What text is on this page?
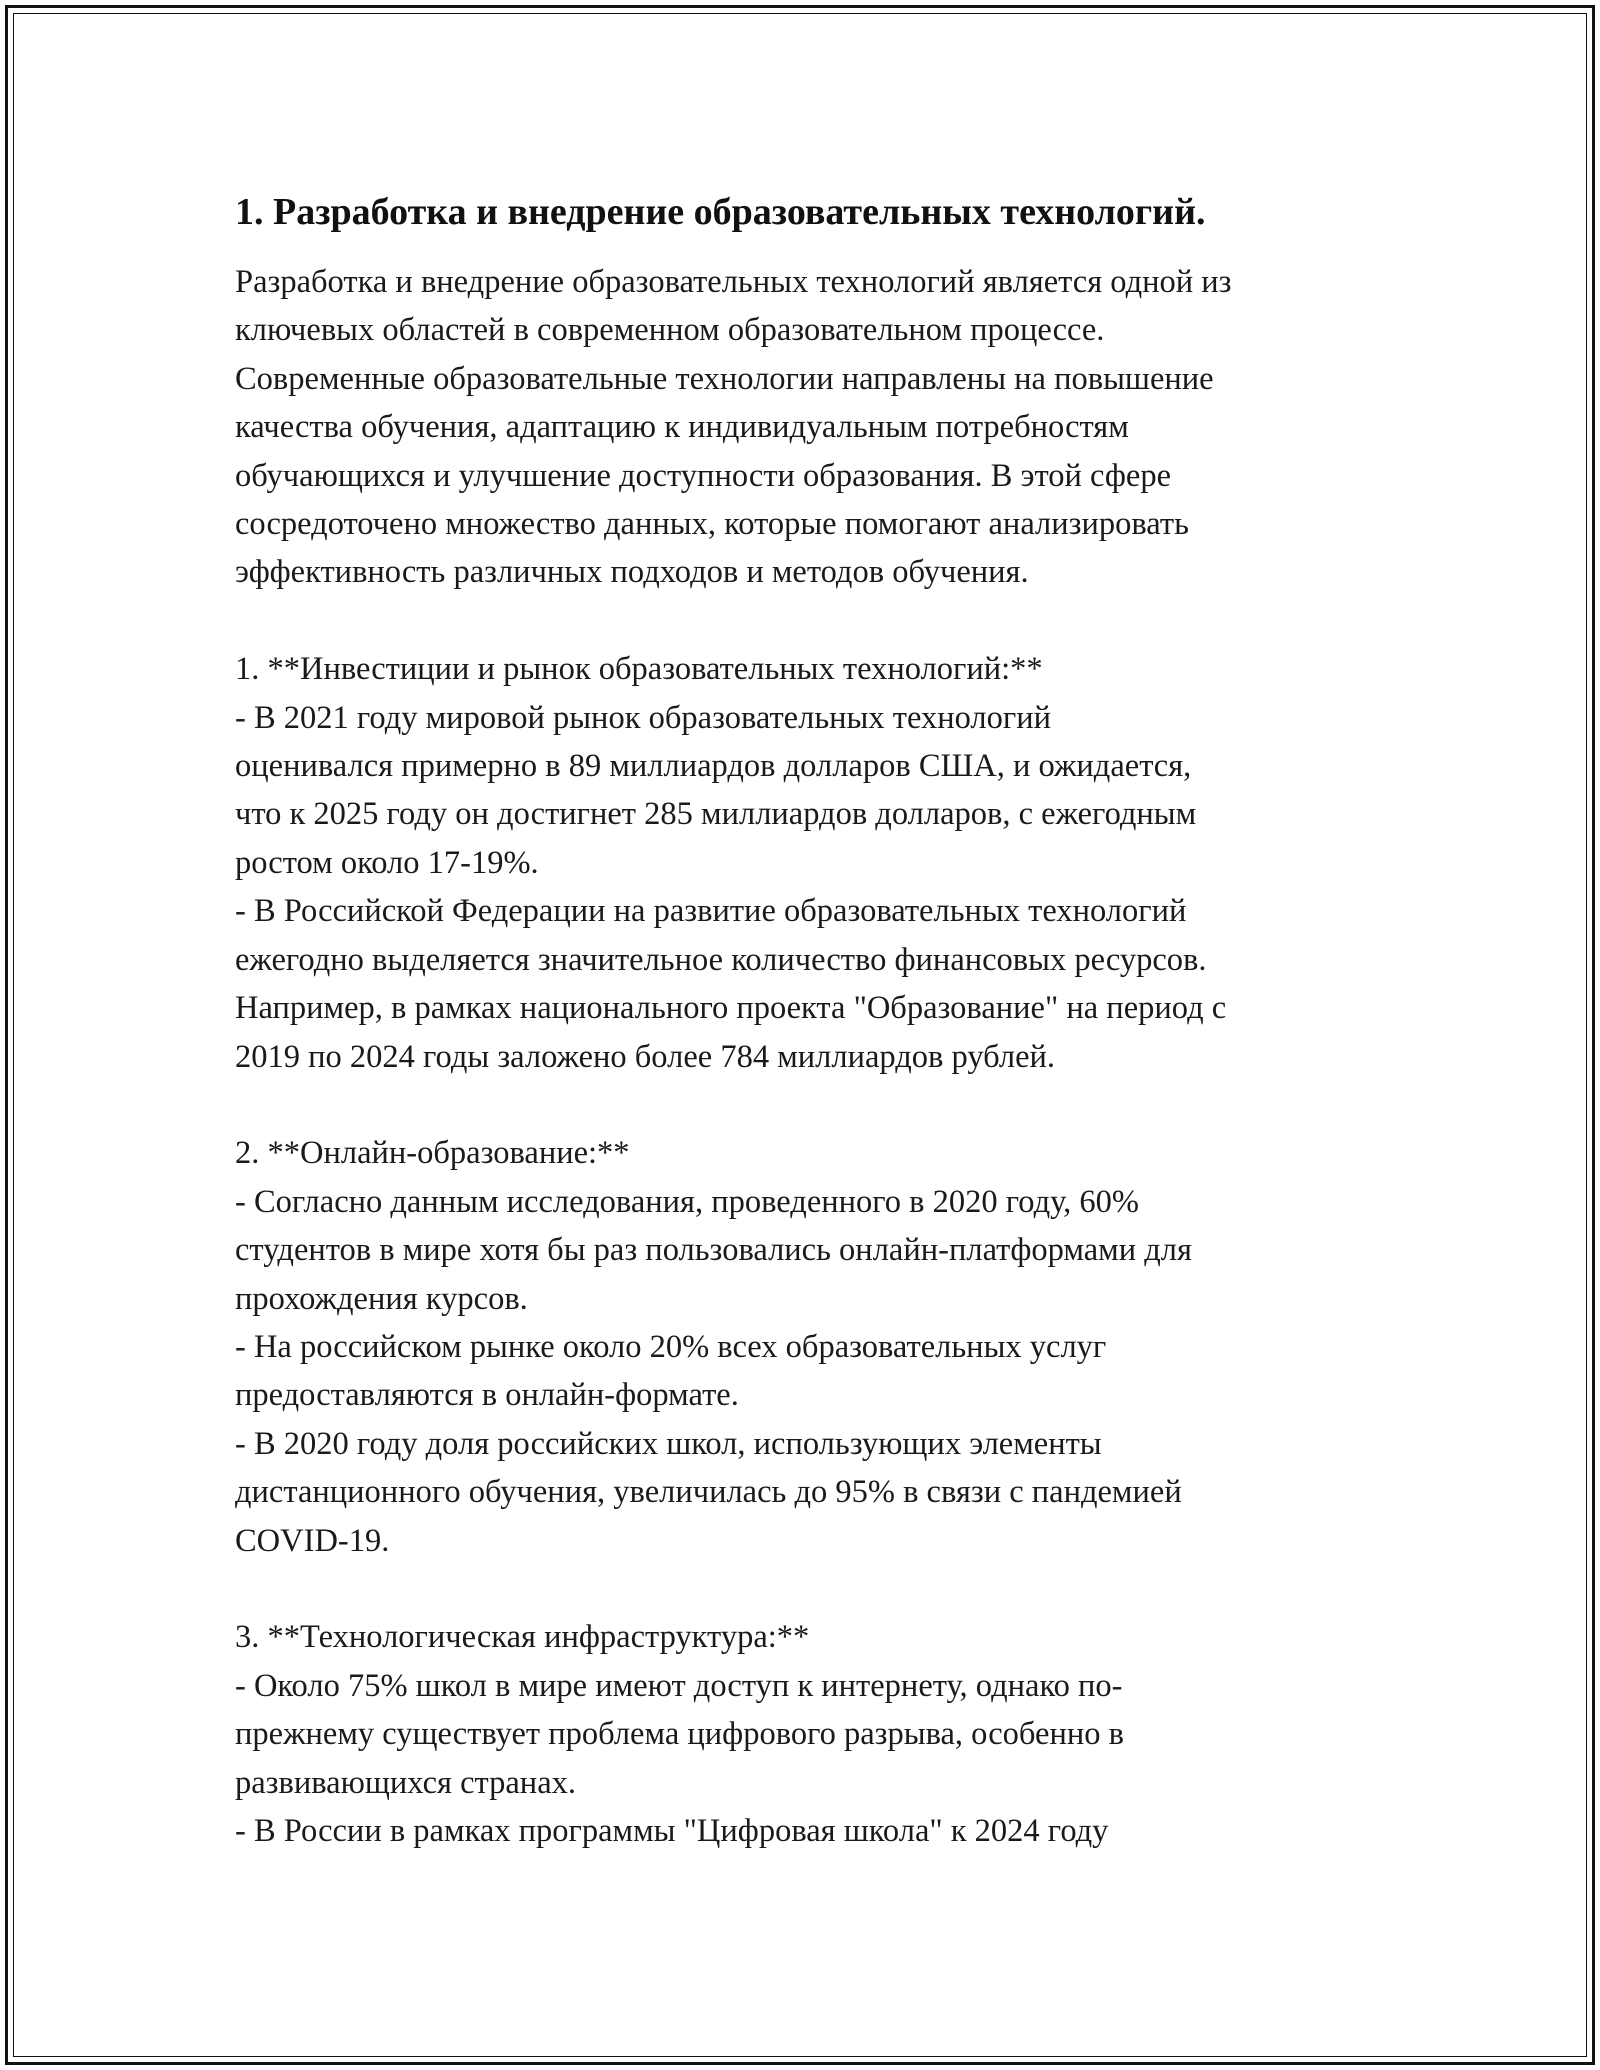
1. Разработка и внедрение образовательных технологий.

Разработка и внедрение образовательных технологий является одной из
ключевых областей в современном образовательном процессе.
Современные образовательные технологии направлены на повышение
качества обучения, адаптацию к индивидуальным потребностям
обучающихся и улучшение доступности образования. В этой сфере
сосредоточено множество данных, которые помогают анализировать
эффективность различных подходов и методов обучения.

1. **Инвестиции и рынок образовательных технологий:**
- В 2021 году мировой рынок образовательных технологий
оценивался примерно в 89 миллиардов долларов США, и ожидается,
что к 2025 году он достигнет 285 миллиардов долларов, с ежегодным
ростом около 17-19%.
- В Российской Федерации на развитие образовательных технологий
ежегодно выделяется значительное количество финансовых ресурсов.
Например, в рамках национального проекта "Образование" на период с
2019 по 2024 годы заложено более 784 миллиардов рублей.

2. **Онлайн-образование:**
- Согласно данным исследования, проведенного в 2020 году, 60%
студентов в мире хотя бы раз пользовались онлайн-платформами для
прохождения курсов.
- На российском рынке около 20% всех образовательных услуг
предоставляются в онлайн-формате.
- В 2020 году доля российских школ, использующих элементы
дистанционного обучения, увеличилась до 95% в связи с пандемией
COVID-19.

3. **Технологическая инфраструктура:**
- Около 75% школ в мире имеют доступ к интернету, однако по-
прежнему существует проблема цифрового разрыва, особенно в
развивающихся странах.
- В России в рамках программы "Цифровая школа" к 2024 году
